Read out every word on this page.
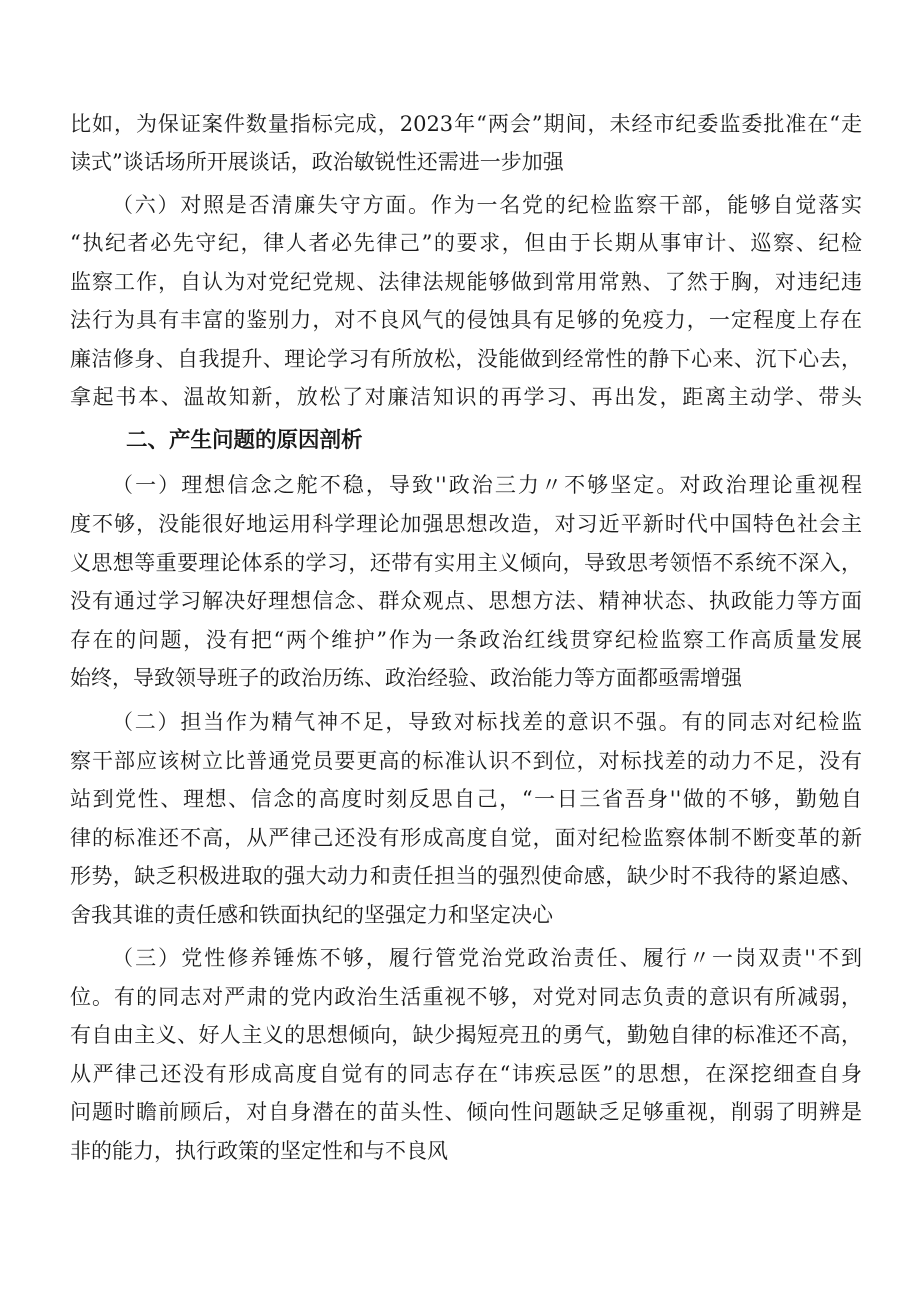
比如，为保证案件数量指标完成，2023年“两会”期间，未经市纪委监委批准在“走
读式”谈话场所开展谈话，政治敏锐性还需进一步加强
（六）对照是否清廉失守方面。作为一名党的纪检监察干部，能够自觉落实
“执纪者必先守纪，律人者必先律己”的要求，但由于长期从事审计、巡察、纪检
监察工作，自认为对党纪党规、法律法规能够做到常用常熟、了然于胸，对违纪违
法行为具有丰富的鉴别力，对不良风气的侵蚀具有足够的免疫力，一定程度上存在
廉洁修身、自我提升、理论学习有所放松，没能做到经常性的静下心来、沉下心去，
拿起书本、温故知新，放松了对廉洁知识的再学习、再出发，距离主动学、带头
二、产生问题的原因剖析
（一）理想信念之舵不稳，导致''政治三力〃不够坚定。对政治理论重视程
度不够，没能很好地运用科学理论加强思想改造，对习近平新时代中国特色社会主
义思想等重要理论体系的学习，还带有实用主义倾向，导致思考领悟不系统不深入，
没有通过学习解决好理想信念、群众观点、思想方法、精神状态、执政能力等方面
存在的问题，没有把“两个维护”作为一条政治红线贯穿纪检监察工作高质量发展
始终，导致领导班子的政治历练、政治经验、政治能力等方面都亟需增强
（二）担当作为精气神不足，导致对标找差的意识不强。有的同志对纪检监
察干部应该树立比普通党员要更高的标准认识不到位，对标找差的动力不足，没有
站到党性、理想、信念的高度时刻反思自己，“一日三省吾身''做的不够，勤勉自
律的标准还不高，从严律己还没有形成高度自觉，面对纪检监察体制不断变革的新
形势，缺乏积极进取的强大动力和责任担当的强烈使命感，缺少时不我待的紧迫感、
舍我其谁的责任感和铁面执纪的坚强定力和坚定决心
（三）党性修养锤炼不够，履行管党治党政治责任、履行〃一岗双责''不到
位。有的同志对严肃的党内政治生活重视不够，对党对同志负责的意识有所减弱，
有自由主义、好人主义的思想倾向，缺少揭短亮丑的勇气，勤勉自律的标准还不高，
从严律己还没有形成高度自觉有的同志存在“讳疾忌医”的思想，在深挖细查自身
问题时瞻前顾后，对自身潜在的苗头性、倾向性问题缺乏足够重视，削弱了明辨是
非的能力，执行政策的坚定性和与不良风
